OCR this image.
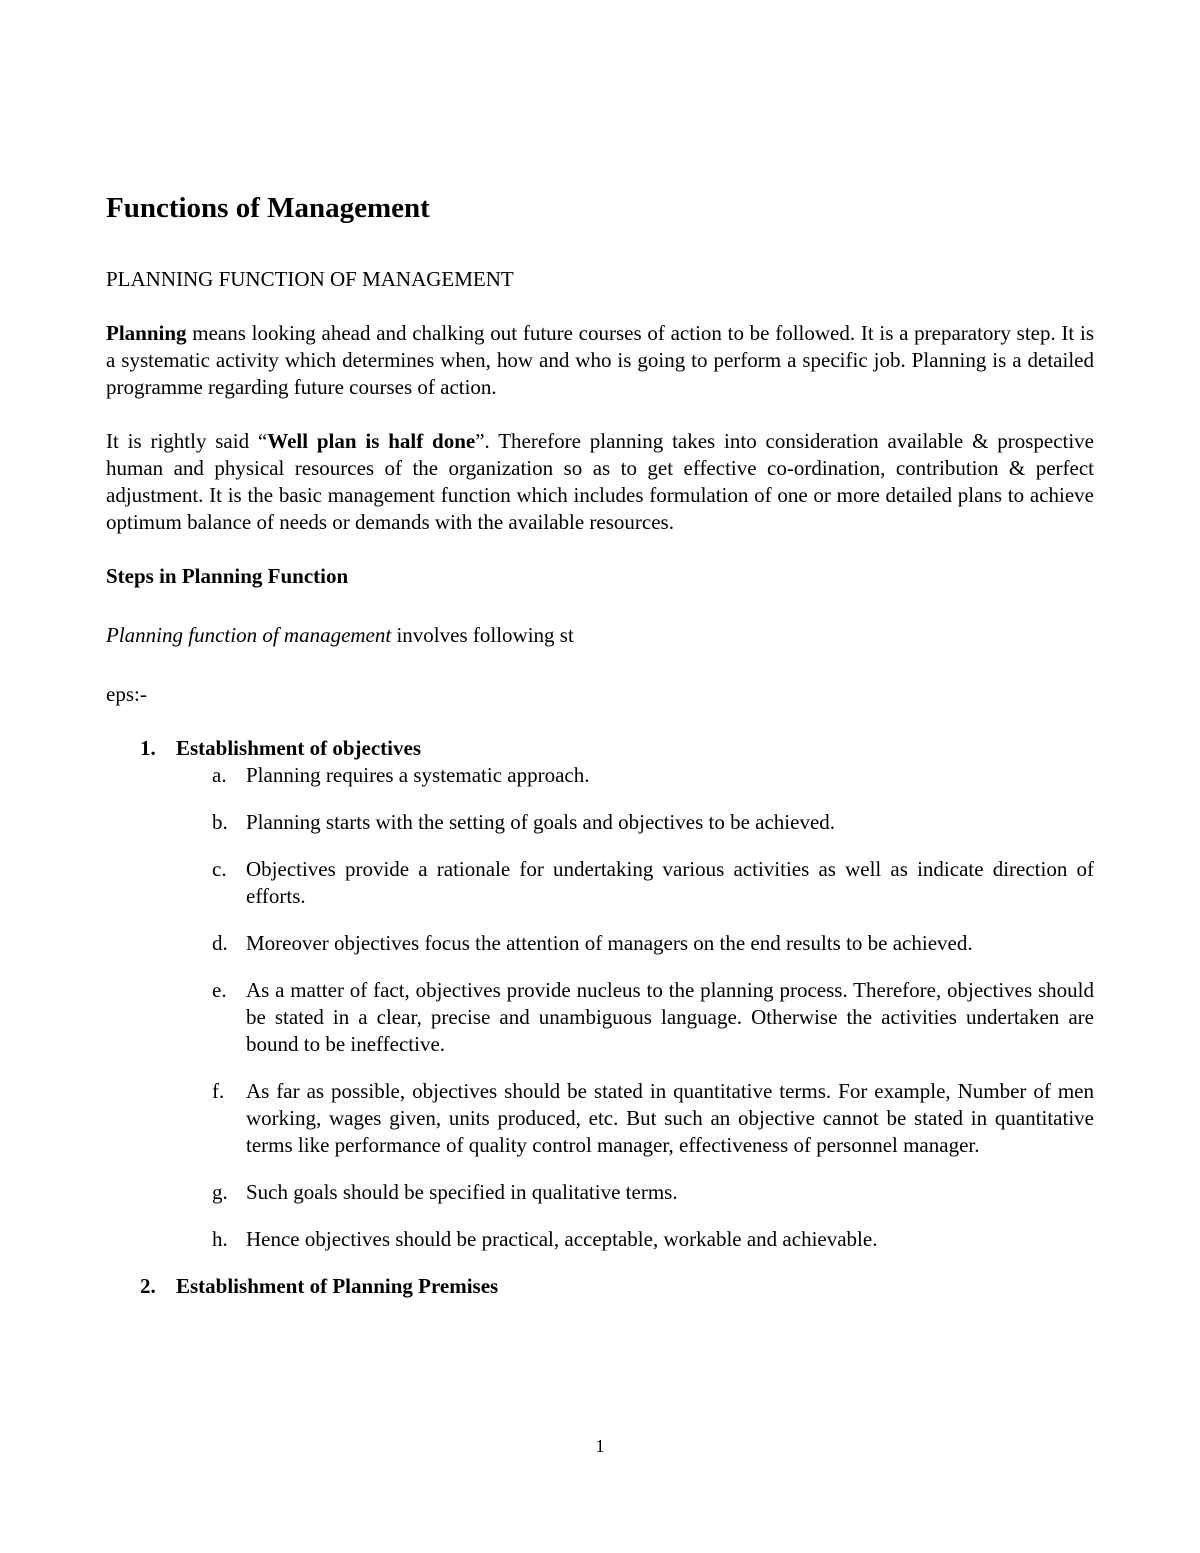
Functions of Management
PLANNING FUNCTION OF MANAGEMENT

Planning means looking ahead and chalking out future courses of action to be followed. It is a preparatory step. It is a systematic activity which determines when, how and who is going to perform a specific job. Planning is a detailed programme regarding future courses of action.

It is rightly said “Well plan is half done”. Therefore planning takes into consideration available & prospective human and physical resources of the organization so as to get effective co-ordination, contribution & perfect adjustment. It is the basic management function which includes formulation of one or more detailed plans to achieve optimum balance of needs or demands with the available resources.

Steps in Planning Function
Planning function of management involves following st
eps:-
1. Establishment of objectives
a. Planning requires a systematic approach.
b. Planning starts with the setting of goals and objectives to be achieved.
c. Objectives provide a rationale for undertaking various activities as well as indicate direction of efforts.
d. Moreover objectives focus the attention of managers on the end results to be achieved.
e. As a matter of fact, objectives provide nucleus to the planning process. Therefore, objectives should be stated in a clear, precise and unambiguous language. Otherwise the activities undertaken are bound to be ineffective.
f. As far as possible, objectives should be stated in quantitative terms. For example, Number of men working, wages given, units produced, etc. But such an objective cannot be stated in quantitative terms like performance of quality control manager, effectiveness of personnel manager.
g. Such goals should be specified in qualitative terms.
h. Hence objectives should be practical, acceptable, workable and achievable.
2. Establishment of Planning Premises
1
